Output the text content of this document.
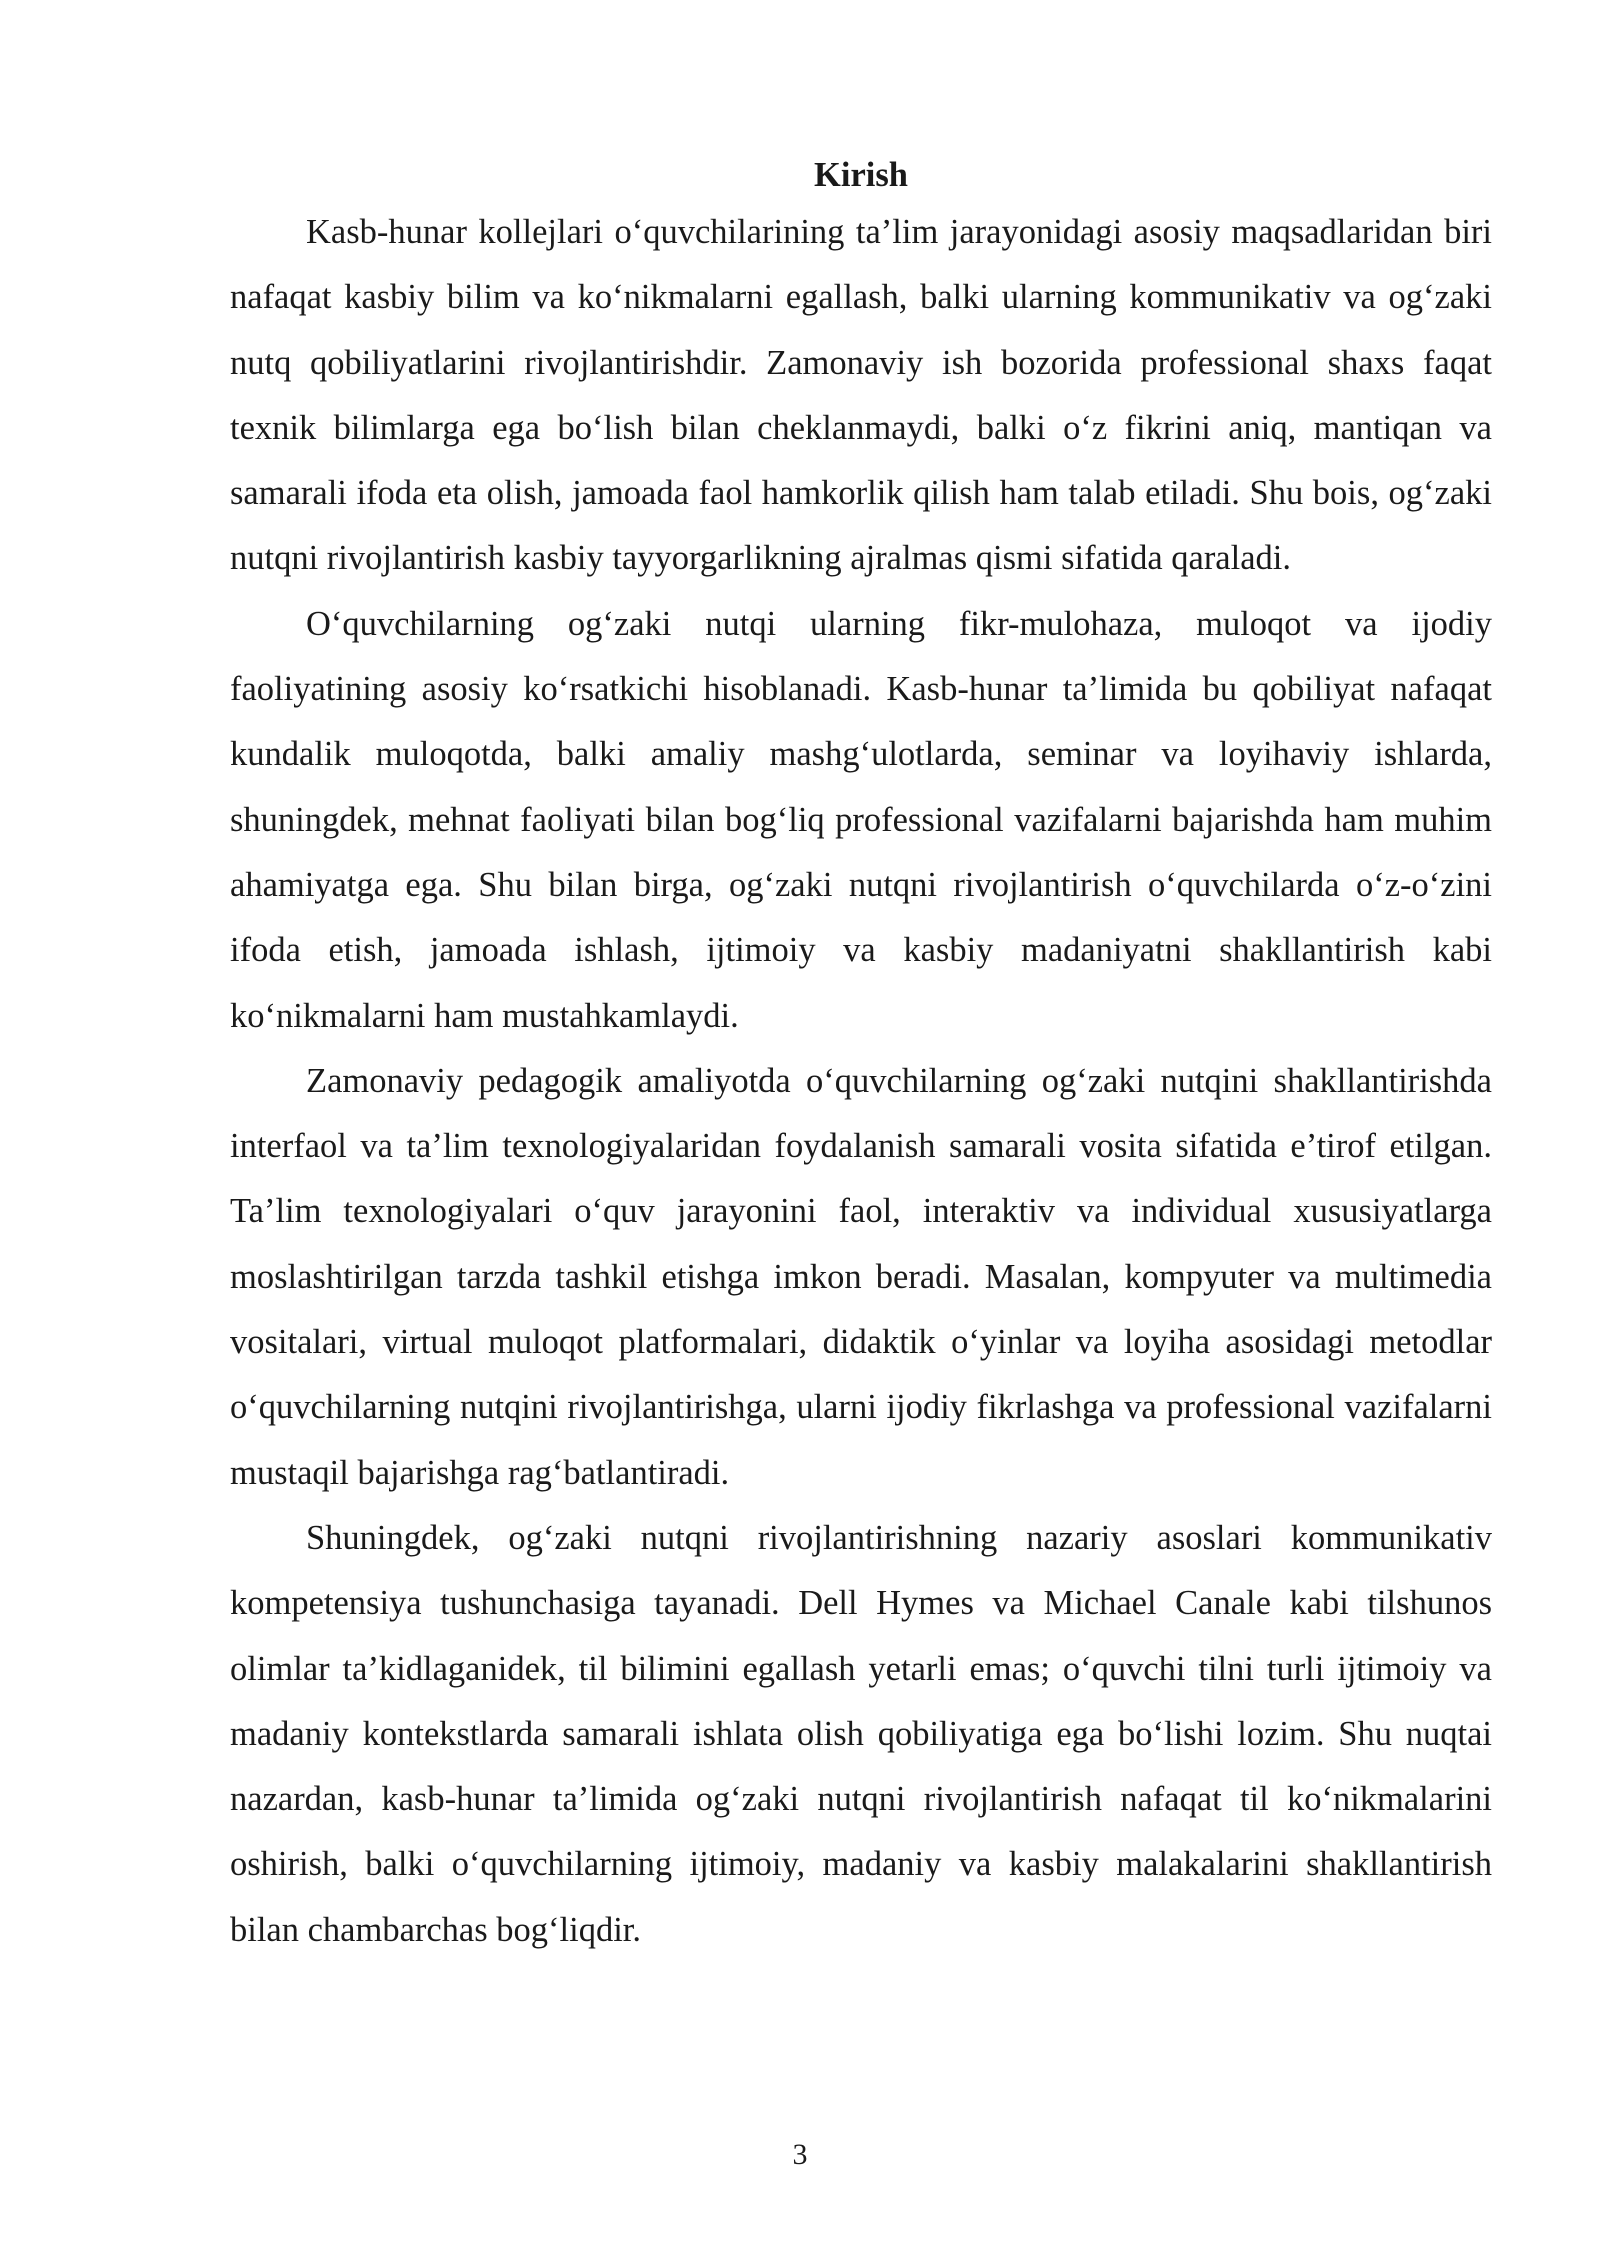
Kirish

Kasb-hunar kollejlari o‘quvchilarining ta’lim jarayonidagi asosiy maqsadlaridan biri nafaqat kasbiy bilim va ko‘nikmalarni egallash, balki ularning kommunikativ va og‘zaki nutq qobiliyatlarini rivojlantirishdir. Zamonaviy ish bozorida professional shaxs faqat texnik bilimlarga ega bo‘lish bilan cheklanmaydi, balki o‘z fikrini aniq, mantiqan va samarali ifoda eta olish, jamoada faol hamkorlik qilish ham talab etiladi. Shu bois, og‘zaki nutqni rivojlantirish kasbiy tayyorgarlikning ajralmas qismi sifatida qaraladi.

O‘quvchilarning og‘zaki nutqi ularning fikr-mulohaza, muloqot va ijodiy faoliyatining asosiy ko‘rsatkichi hisoblanadi. Kasb-hunar ta’limida bu qobiliyat nafaqat kundalik muloqotda, balki amaliy mashg‘ulotlarda, seminar va loyihaviy ishlarda, shuningdek, mehnat faoliyati bilan bog‘liq professional vazifalarni bajarishda ham muhim ahamiyatga ega. Shu bilan birga, og‘zaki nutqni rivojlantirish o‘quvchilarda o‘z-o‘zini ifoda etish, jamoada ishlash, ijtimoiy va kasbiy madaniyatni shakllantirish kabi ko‘nikmalarni ham mustahkamlaydi.

Zamonaviy pedagogik amaliyotda o‘quvchilarning og‘zaki nutqini shakllantirishda interfaol va ta’lim texnologiyalaridan foydalanish samarali vosita sifatida e’tirof etilgan. Ta’lim texnologiyalari o‘quv jarayonini faol, interaktiv va individual xususiyatlarga moslashtirilgan tarzda tashkil etishga imkon beradi. Masalan, kompyuter va multimedia vositalari, virtual muloqot platformalari, didaktik o‘yinlar va loyiha asosidagi metodlar o‘quvchilarning nutqini rivojlantirishga, ularni ijodiy fikrlashga va professional vazifalarni mustaqil bajarishga rag‘batlantiradi.

Shuningdek, og‘zaki nutqni rivojlantirishning nazariy asoslari kommunikativ kompetensiya tushunchasiga tayanadi. Dell Hymes va Michael Canale kabi tilshunos olimlar ta’kidlaganidek, til bilimini egallash yetarli emas; o‘quvchi tilni turli ijtimoiy va madaniy kontekstlarda samarali ishlata olish qobiliyatiga ega bo‘lishi lozim. Shu nuqtai nazardan, kasb-hunar ta’limida og‘zaki nutqni rivojlantirish nafaqat til ko‘nikmalarini oshirish, balki o‘quvchilarning ijtimoiy, madaniy va kasbiy malakalarini shakllantirish bilan chambarchas bog‘liqdir.

3
